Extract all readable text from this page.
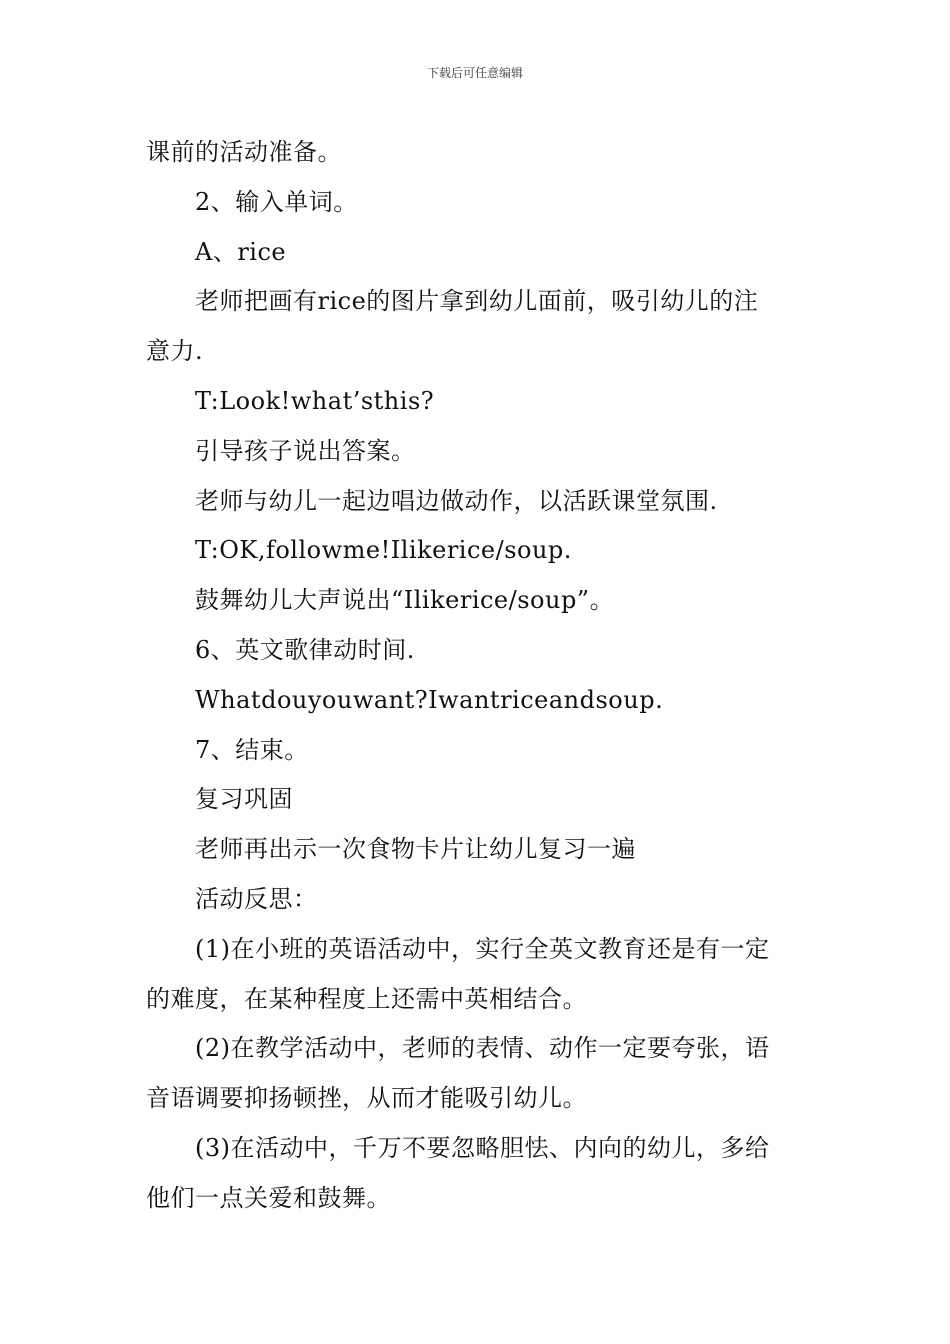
下载后可任意编辑
课前的活动准备。
2、输入单词。
A、rice
老师把画有rice的图片拿到幼儿面前，吸引幼儿的注
意力.
T:Look!what’sthis?
引导孩子说出答案。
老师与幼儿一起边唱边做动作，以活跃课堂氛围.
T:OK,followme!Ilikerice/soup.
鼓舞幼儿大声说出“Ilikerice/soup”。
6、英文歌律动时间.
Whatdouyouwant?Iwantriceandsoup.
7、结束。
复习巩固
老师再出示一次食物卡片让幼儿复习一遍
活动反思：
(1)在小班的英语活动中，实行全英文教育还是有一定
的难度，在某种程度上还需中英相结合。
(2)在教学活动中，老师的表情、动作一定要夸张，语
音语调要抑扬顿挫，从而才能吸引幼儿。
(3)在活动中，千万不要忽略胆怯、内向的幼儿，多给
他们一点关爱和鼓舞。
